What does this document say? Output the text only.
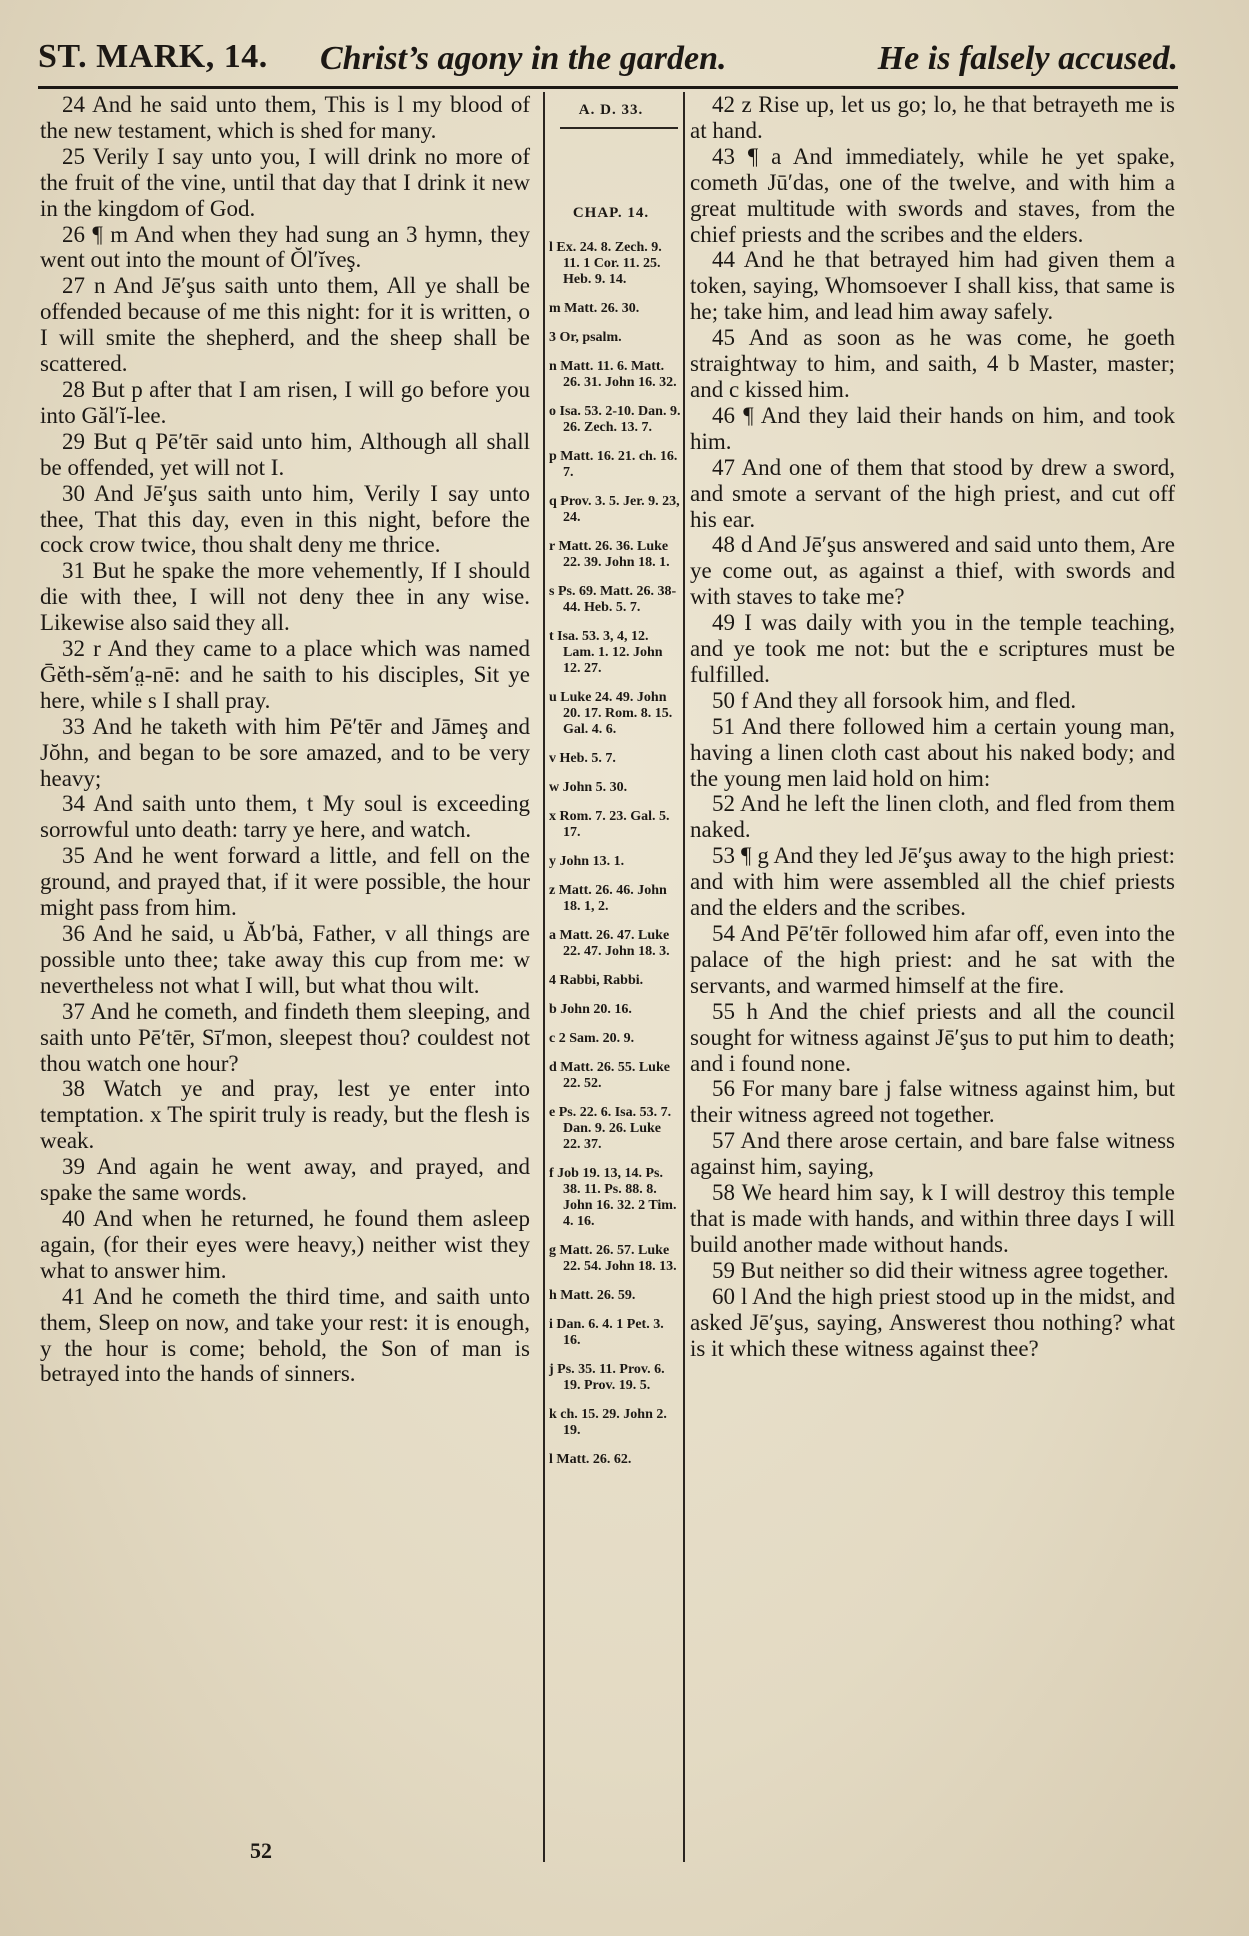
ST. MARK, 14. Christ’s agony in the garden.	He is falsely accused.

24 And he said unto them, This is l my blood of the new testament, which is shed for many.

25 Verily I say unto you, I will drink no more of the fruit of the vine, until that day that I drink it new in the kingdom of God.

26 ¶ m And when they had sung an 3 hymn, they went out into the mount of Ŏl′ĭveş.

27 n And Jē′şus saith unto them, All ye shall be offended because of me this night: for it is written, o I will smite the shepherd, and the sheep shall be scattered.

28 But p after that I am risen, I will go before you into Găl′ĭ-lee.

29 But q Pē′tēr said unto him, Although all shall be offended, yet will not I.

30 And Jē′şus saith unto him, Verily I say unto thee, That this day, even in this night, before the cock crow twice, thou shalt deny me thrice.

31 But he spake the more vehemently, If I should die with thee, I will not deny thee in any wise. Likewise also said they all.

32 r And they came to a place which was named Ḡĕth-sĕm′a̤-nē: and he saith to his disciples, Sit ye here, while s I shall pray.

33 And he taketh with him Pē′tēr and Jāmeş and Jŏhn, and began to be sore amazed, and to be very heavy;

34 And saith unto them, t My soul is exceeding sorrowful unto death: tarry ye here, and watch.

35 And he went forward a little, and fell on the ground, and prayed that, if it were possible, the hour might pass from him.

36 And he said, u Ăb′bȧ, Father, v all things are possible unto thee; take away this cup from me: w nevertheless not what I will, but what thou wilt.

37 And he cometh, and findeth them sleeping, and saith unto Pē′tēr, Sī′mon, sleepest thou? couldest not thou watch one hour?

38 Watch ye and pray, lest ye enter into temptation. x The spirit truly is ready, but the flesh is weak.

39 And again he went away, and prayed, and spake the same words.

40 And when he returned, he found them asleep again, (for their eyes were heavy,) neither wist they what to answer him.

41 And he cometh the third time, and saith unto them, Sleep on now, and take your rest: it is enough, y the hour is come; behold, the Son of man is betrayed into the hands of sinners.

A. D. 33.
CHAP. 14.
l Ex. 24. 8. Zech. 9. 11. 1 Cor. 11. 25. Heb. 9. 14.
m Matt. 26. 30.
3 Or, psalm.
n Matt. 11. 6. Matt. 26. 31. John 16. 32.
o Isa. 53. 2-10. Dan. 9. 26. Zech. 13. 7.
p Matt. 16. 21. ch. 16. 7.
q Prov. 3. 5. Jer. 9. 23, 24.
r Matt. 26. 36. Luke 22. 39. John 18. 1.
s Ps. 69. Matt. 26. 38-44. Heb. 5. 7.
t Isa. 53. 3, 4, 12. Lam. 1. 12. John 12. 27.
u Luke 24. 49. John 20. 17. Rom. 8. 15. Gal. 4. 6.
v Heb. 5. 7.
w John 5. 30.
x Rom. 7. 23. Gal. 5. 17.
y John 13. 1.
z Matt. 26. 46. John 18. 1, 2.
a Matt. 26. 47. Luke 22. 47. John 18. 3.
4 Rabbi, Rabbi.
b John 20. 16.
c 2 Sam. 20. 9.
d Matt. 26. 55. Luke 22. 52.
e Ps. 22. 6. Isa. 53. 7. Dan. 9. 26. Luke 22. 37.
f Job 19. 13, 14. Ps. 38. 11. Ps. 88. 8. John 16. 32. 2 Tim. 4. 16.
g Matt. 26. 57. Luke 22. 54. John 18. 13.
h Matt. 26. 59.
i Dan. 6. 4. 1 Pet. 3. 16.
j Ps. 35. 11. Prov. 6. 19. Prov. 19. 5.
k ch. 15. 29. John 2. 19.
l Matt. 26. 62.

42 z Rise up, let us go; lo, he that betrayeth me is at hand.

43 ¶ a And immediately, while he yet spake, cometh Jū′das, one of the twelve, and with him a great multitude with swords and staves, from the chief priests and the scribes and the elders.

44 And he that betrayed him had given them a token, saying, Whomsoever I shall kiss, that same is he; take him, and lead him away safely.

45 And as soon as he was come, he goeth straightway to him, and saith, 4 b Master, master; and c kissed him.

46 ¶ And they laid their hands on him, and took him.

47 And one of them that stood by drew a sword, and smote a servant of the high priest, and cut off his ear.

48 d And Jē′şus answered and said unto them, Are ye come out, as against a thief, with swords and with staves to take me?

49 I was daily with you in the temple teaching, and ye took me not: but the e scriptures must be fulfilled.

50 f And they all forsook him, and fled.

51 And there followed him a certain young man, having a linen cloth cast about his naked body; and the young men laid hold on him:

52 And he left the linen cloth, and fled from them naked.

53 ¶ g And they led Jē′şus away to the high priest: and with him were assembled all the chief priests and the elders and the scribes.

54 And Pē′tēr followed him afar off, even into the palace of the high priest: and he sat with the servants, and warmed himself at the fire.

55 h And the chief priests and all the council sought for witness against Jē′şus to put him to death; and i found none.

56 For many bare j false witness against him, but their witness agreed not together.

57 And there arose certain, and bare false witness against him, saying,

58 We heard him say, k I will destroy this temple that is made with hands, and within three days I will build another made without hands.

59 But neither so did their witness agree together.

60 l And the high priest stood up in the midst, and asked Jē′şus, saying, Answerest thou nothing? what is it which these witness against thee?

52
